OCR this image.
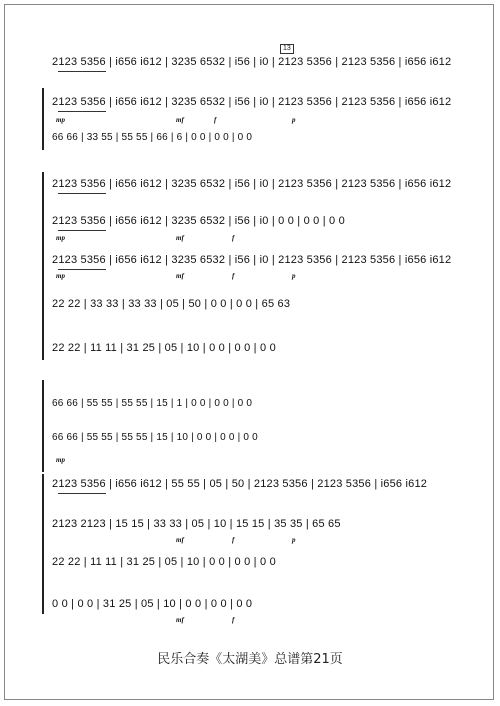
13
2123 5356 | i656 i612 | 3235 6532 | i56 | i0 | 2123 5356 | 2123 5356 | i656 i612
2123 5356 | i656 i612 | 3235 6532 | i56 | i0 | 2123 5356 | 2123 5356 | i656 i612
66 66 | 33 55 | 55 55 | 66 | 6 | 0 0 | 0 0 | 0 0
2123 5356 | i656 i612 | 3235 6532 | i56 | i0 | 2123 5356 | 2123 5356 | i656 i612
2123 5356 | i656 i612 | 3235 6532 | i56 | i0 | 0 0 | 0 0 | 0 0
2123 5356 | i656 i612 | 3235 6532 | i56 | i0 | 2123 5356 | 2123 5356 | i656 i612
22 22 | 33 33 | 33 33 | 05 | 50 | 0 0 | 0 0 | 65 63
22 22 | 11 11 | 31 25 | 05 | 10 | 0 0 | 0 0 | 0 0
66 66 | 55 55 | 55 55 | 15 | 1 | 0 0 | 0 0 | 0 0
66 66 | 55 55 | 55 55 | 15 | 10 | 0 0 | 0 0 | 0 0
2123 5356 | i656 i612 | 55 55 | 05 | 50 | 2123 5356 | 2123 5356 | i656 i612
2123 2123 | 15 15 | 33 33 | 05 | 10 | 15 15 | 35 35 | 65 65
22 22 | 11 11 | 31 25 | 05 | 10 | 0 0 | 0 0 | 0 0
0 0 | 0 0 | 31 25 | 05 | 10 | 0 0 | 0 0 | 0 0
mp	mf	f	p
mp	mf	f
mp	mf	f	p
mp
mf	f	p
mf	f
民乐合奏《太湖美》总谱第21页
